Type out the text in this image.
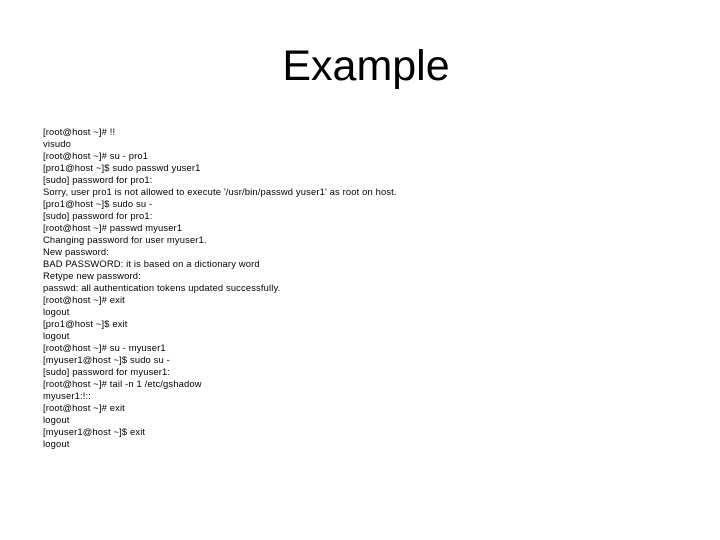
Example
[root@host ~]# !!
visudo
[root@host ~]# su - pro1
[pro1@host ~]$ sudo passwd yuser1
[sudo] password for pro1:
Sorry, user pro1 is not allowed to execute '/usr/bin/passwd yuser1' as root on host.
[pro1@host ~]$ sudo su -
[sudo] password for pro1:
[root@host ~]# passwd myuser1
Changing password for user myuser1.
New password:
BAD PASSWORD: it is based on a dictionary word
Retype new password:
passwd: all authentication tokens updated successfully.
[root@host ~]# exit
logout
[pro1@host ~]$ exit
logout
[root@host ~]# su - myuser1
[myuser1@host ~]$ sudo su -
[sudo] password for myuser1:
[root@host ~]# tail -n 1 /etc/gshadow
myuser1:!::
[root@host ~]# exit
logout
[myuser1@host ~]$ exit
logout
